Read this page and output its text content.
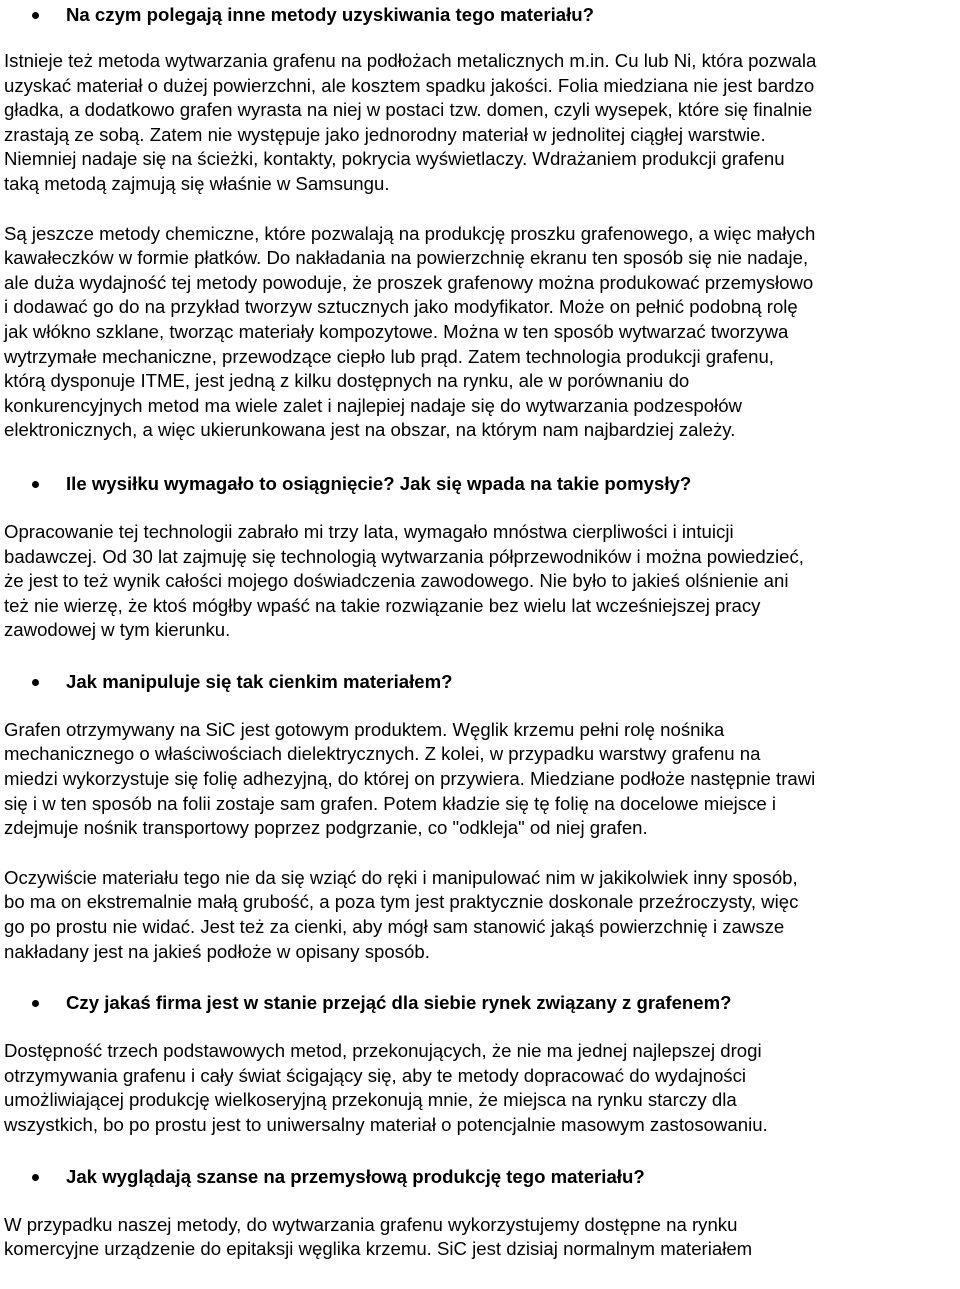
Na czym polegają inne metody uzyskiwania tego materiału?
Istnieje też metoda wytwarzania grafenu na podłożach metalicznych m.in. Cu lub Ni, która pozwala
uzyskać materiał o dużej powierzchni, ale kosztem spadku jakości. Folia miedziana nie jest bardzo
gładka, a dodatkowo grafen wyrasta na niej w postaci tzw. domen, czyli wysepek, które się finalnie
zrastają ze sobą. Zatem nie występuje jako jednorodny materiał w jednolitej ciągłej warstwie.
Niemniej nadaje się na ścieżki, kontakty, pokrycia wyświetlaczy. Wdrażaniem produkcji grafenu
taką metodą zajmują się właśnie w Samsungu.
Są jeszcze metody chemiczne, które pozwalają na produkcję proszku grafenowego, a więc małych
kawałeczków w formie płatków. Do nakładania na powierzchnię ekranu ten sposób się nie nadaje,
ale duża wydajność tej metody powoduje, że proszek grafenowy można produkować przemysłowo
i dodawać go do na przykład tworzyw sztucznych jako modyfikator. Może on pełnić podobną rolę
jak włókno szklane, tworząc materiały kompozytowe. Można w ten sposób wytwarzać tworzywa
wytrzymałe mechaniczne, przewodzące ciepło lub prąd. Zatem technologia produkcji grafenu,
którą dysponuje ITME, jest jedną z kilku dostępnych na rynku, ale w porównaniu do
konkurencyjnych metod ma wiele zalet i najlepiej nadaje się do wytwarzania podzespołów
elektronicznych, a więc ukierunkowana jest na obszar, na którym nam najbardziej zależy.
Ile wysiłku wymagało to osiągnięcie? Jak się wpada na takie pomysły?
Opracowanie tej technologii zabrało mi trzy lata, wymagało mnóstwa cierpliwości i intuicji
badawczej. Od 30 lat zajmuję się technologią wytwarzania półprzewodników i można powiedzieć,
że jest to też wynik całości mojego doświadczenia zawodowego. Nie było to jakieś olśnienie ani
też nie wierzę, że ktoś mógłby wpaść na takie rozwiązanie bez wielu lat wcześniejszej pracy
zawodowej w tym kierunku.
Jak manipuluje się tak cienkim materiałem?
Grafen otrzymywany na SiC jest gotowym produktem. Węglik krzemu pełni rolę nośnika
mechanicznego o właściwościach dielektrycznych. Z kolei, w przypadku warstwy grafenu na
miedzi wykorzystuje się folię adhezyjną, do której on przywiera. Miedziane podłoże następnie trawi
się i w ten sposób na folii zostaje sam grafen. Potem kładzie się tę folię na docelowe miejsce i
zdejmuje nośnik transportowy poprzez podgrzanie, co "odkleja" od niej grafen.
Oczywiście materiału tego nie da się wziąć do ręki i manipulować nim w jakikolwiek inny sposób,
bo ma on ekstremalnie małą grubość, a poza tym jest praktycznie doskonale przeźroczysty, więc
go po prostu nie widać. Jest też za cienki, aby mógł sam stanowić jakąś powierzchnię i zawsze
nakładany jest na jakieś podłoże w opisany sposób.
Czy jakaś firma jest w stanie przejąć dla siebie rynek związany z grafenem?
Dostępność trzech podstawowych metod, przekonujących, że nie ma jednej najlepszej drogi
otrzymywania grafenu i cały świat ścigający się, aby te metody dopracować do wydajności
umożliwiającej produkcję wielkoseryjną przekonują mnie, że miejsca na rynku starczy dla
wszystkich, bo po prostu jest to uniwersalny materiał o potencjalnie masowym zastosowaniu.
Jak wyglądają szanse na przemysłową produkcję tego materiału?
W przypadku naszej metody, do wytwarzania grafenu wykorzystujemy dostępne na rynku
komercyjne urządzenie do epitaksji węglika krzemu. SiC jest dzisiaj normalnym materiałem
